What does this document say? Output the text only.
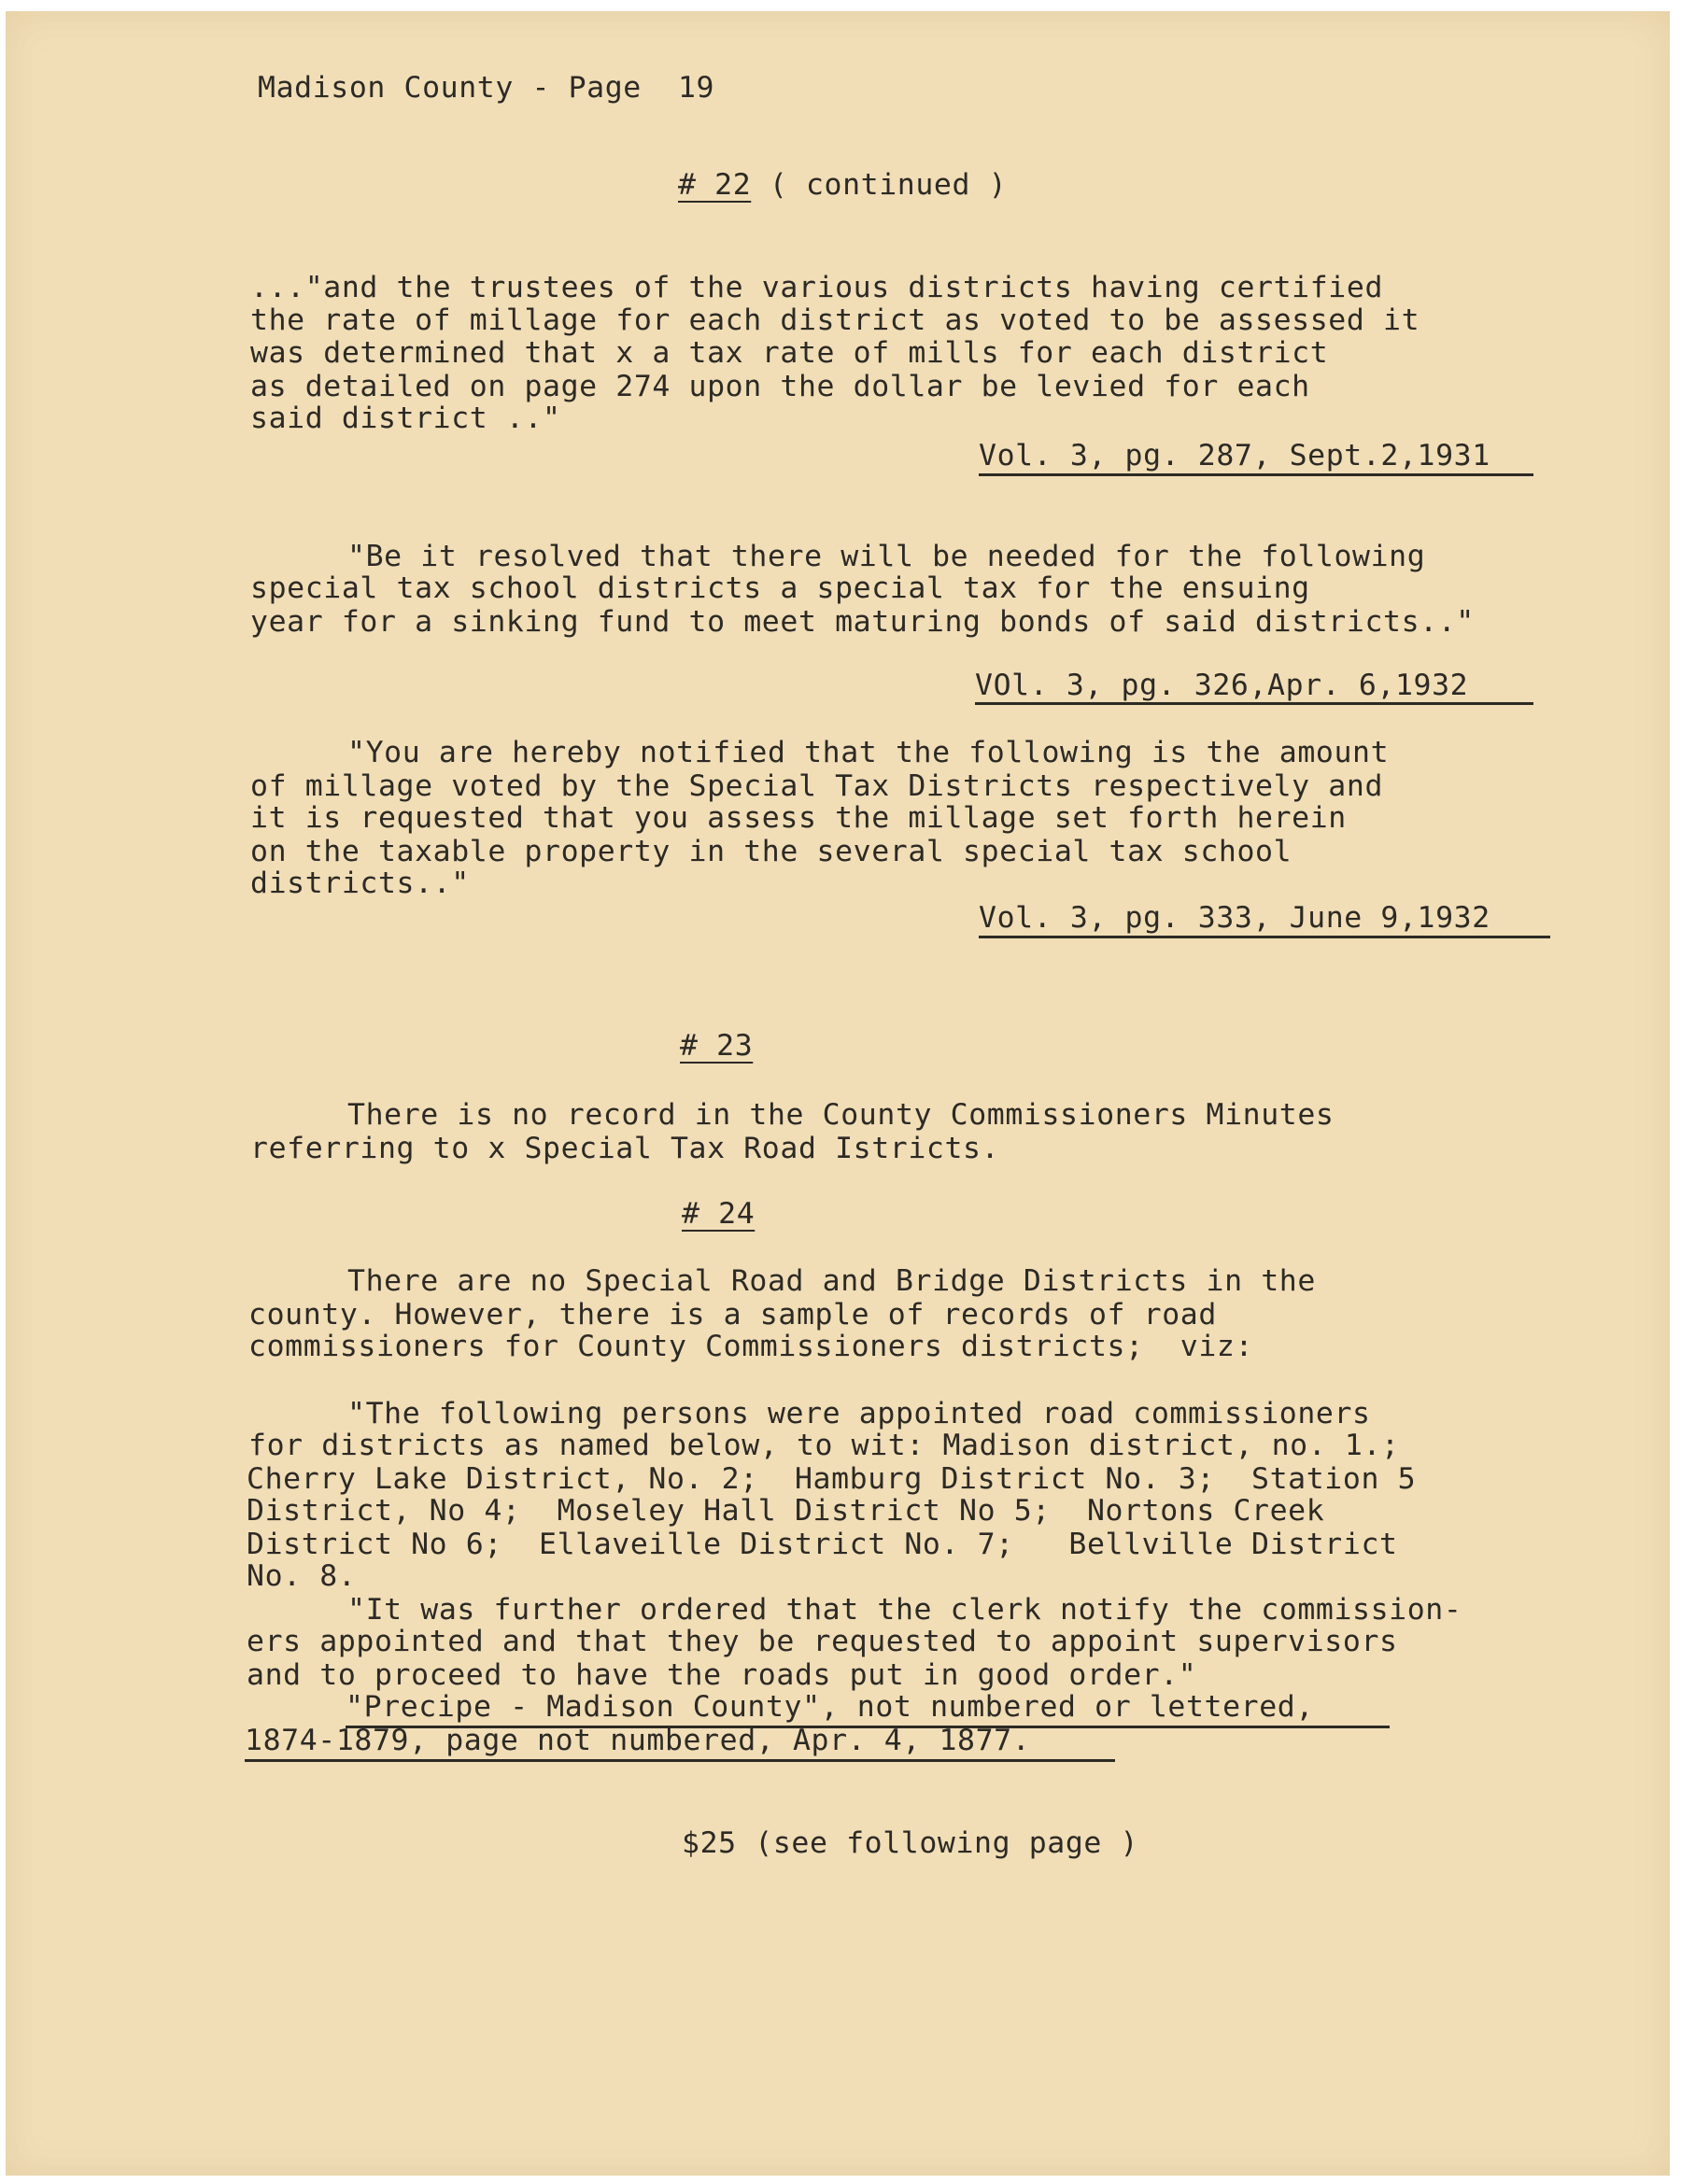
Madison County - Page  19
# 22 ( continued )
..."and the trustees of the various districts having certified
the rate of millage for each district as voted to be assessed it
was determined that x a tax rate of mills for each district
as detailed on page 274 upon the dollar be levied for each
said district .."
Vol. 3, pg. 287, Sept.2,1931
"Be it resolved that there will be needed for the following
special tax school districts a special tax for the ensuing
year for a sinking fund to meet maturing bonds of said districts.."
VOl. 3, pg. 326,Apr. 6,1932
"You are hereby notified that the following is the amount
of millage voted by the Special Tax Districts respectively and
it is requested that you assess the millage set forth herein
on the taxable property in the several special tax school
districts.."
Vol. 3, pg. 333, June 9,1932
# 23
There is no record in the County Commissioners Minutes
referring to x Special Tax Road Istricts.
# 24
There are no Special Road and Bridge Districts in the
county. However, there is a sample of records of road
commissioners for County Commissioners districts;  viz:
"The following persons were appointed road commissioners
for districts as named below, to wit: Madison district, no. 1.;
Cherry Lake District, No. 2;  Hamburg District No. 3;  Station 5
District, No 4;  Moseley Hall District No 5;  Nortons Creek
District No 6;  Ellaveille District No. 7;   Bellville District
No. 8.
"It was further ordered that the clerk notify the commission-
ers appointed and that they be requested to appoint supervisors
and to proceed to have the roads put in good order."
"Precipe - Madison County", not numbered or lettered,
1874-1879, page not numbered, Apr. 4, 1877.
$25 (see following page )
